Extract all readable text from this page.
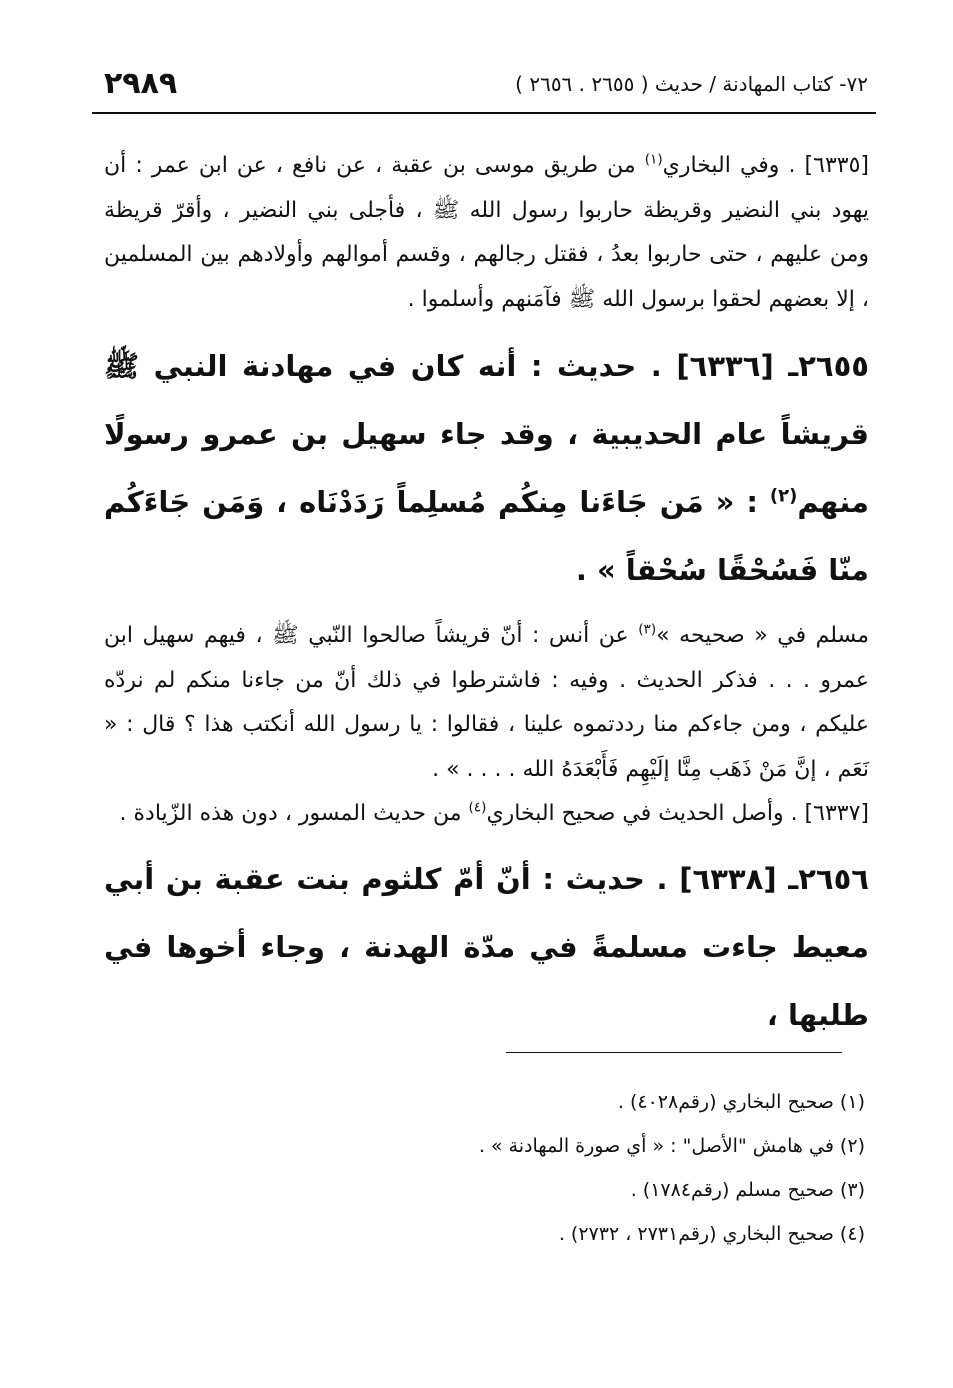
٢٩٨٩	٧٢- كتاب المهادنة / حديث ( ٢٦٥٥ . ٢٦٥٦ )

[٦٣٣٥] . وفي البخاري$^{(١)}$ من طريق موسى بن عقبة ، عن نافع ، عن ابن عمر : أن يهود بني النضير وقريظة حاربوا رسول الله ﷺ ، فأجلى بني النضير ، وأقرّ قريظة ومن عليهم ، حتى حاربوا بعدُ ، فقتل رجالهم ، وقسم أموالهم وأولادهم بين المسلمين ، إلا بعضهم لحقوا برسول الله ﷺ فآمَنهم وأسلموا .

٢٦٥٥ـ [٦٣٣٦] . حديث : أنه كان في مهادنة النبي ﷺ قريشاً عام الحديبية ، وقد جاء سهيل بن عمرو رسولًا منهم$^{(٢)}$ : « مَن جَاءَنا مِنكُم مُسلِماً رَدَدْنَاه ، وَمَن جَاءَكُم منّا فَسُحْقًا سُحْقاً » .

مسلم في « صحيحه »$^{(٣)}$ عن أنس : أنّ قريشاً صالحوا النّبي ﷺ ، فيهم سهيل ابن عمرو . . . فذكر الحديث . وفيه : فاشترطوا في ذلك أنّ من جاءنا منكم لم نردّه عليكم ، ومن جاءكم منا رددتموه علينا ، فقالوا : يا رسول الله أنكتب هذا ؟ قال : « نَعَم ، إنَّ مَنْ ذَهَب مِنَّا إلَيْهِم فَأَبْعَدَهُ الله . . . . » .

[٦٣٣٧] . وأصل الحديث في صحيح البخاري$^{(٤)}$ من حديث المسور ، دون هذه الزّيادة .

٢٦٥٦ـ [٦٣٣٨] . حديث : أنّ أمّ كلثوم بنت عقبة بن أبي معيط جاءت مسلمةً في مدّة الهدنة ، وجاء أخوها في طلبها ،

(١) صحيح البخاري (رقم٤٠٢٨) .
(٢) في هامش "الأصل" : « أي صورة المهادنة » .
(٣) صحيح مسلم (رقم١٧٨٤) .
(٤) صحيح البخاري (رقم٢٧٣١ ، ٢٧٣٢) .
